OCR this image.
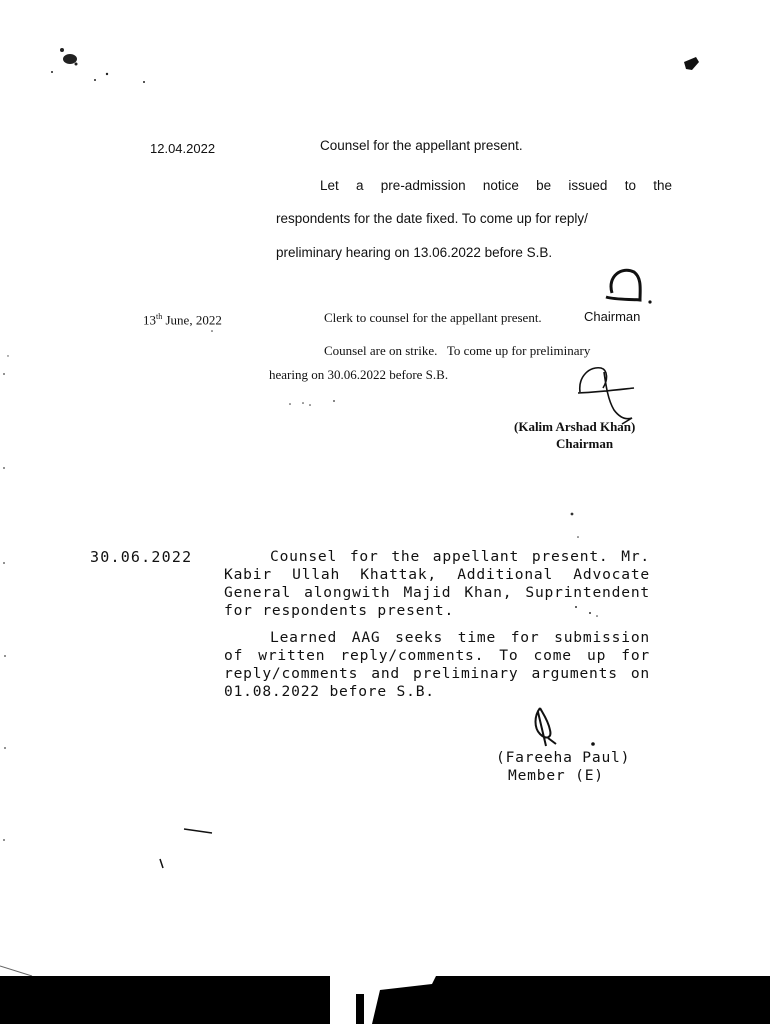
12.04.2022	Counsel for the appellant present.
Let a pre-admission notice be issued to the
respondents for the date fixed. To come up for reply/
preliminary hearing on 13.06.2022 before S.B.
13th June, 2022	Clerk to counsel for the appellant present.	Chairman
Counsel are on strike.   To come up for preliminary
hearing on 30.06.2022 before S.B.
(Kalim Arshad Khan)
Chairman
30.06.2022	Counsel for the appellant present. Mr. Kabir Ullah Khattak, Additional Advocate General alongwith Majid Khan, Suprintendent for respondents present.
Learned AAG seeks time for submission of written reply/comments. To come up for reply/comments and preliminary arguments on 01.08.2022 before S.B.
(Fareeha Paul)
Member (E)
